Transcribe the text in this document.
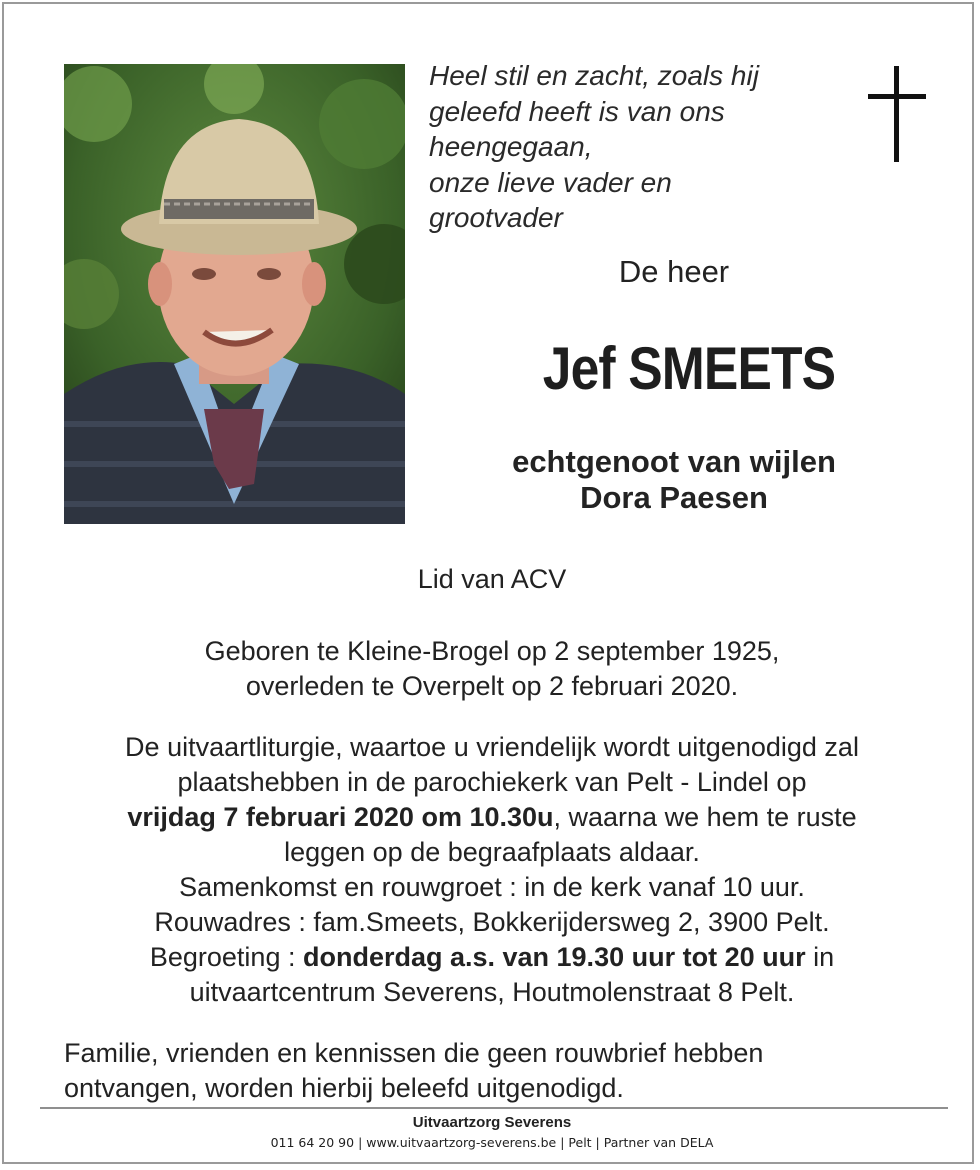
Heel stil en zacht, zoals hij
geleefd heeft is van ons
heengegaan,
onze lieve vader en
grootvader
De heer
Jef SMEETS
echtgenoot van wijlen
Dora Paesen
Lid van ACV
Geboren te Kleine-Brogel op 2 september 1925,
overleden te Overpelt op 2 februari 2020.
De uitvaartliturgie, waartoe u vriendelijk wordt uitgenodigd zal
plaatshebben in de parochiekerk van Pelt - Lindel op
vrijdag 7 februari 2020 om 10.30u, waarna we hem te ruste
leggen op de begraafplaats aldaar.
Samenkomst en rouwgroet : in de kerk vanaf 10 uur.
Rouwadres : fam.Smeets, Bokkerijdersweg 2, 3900 Pelt.
Begroeting : donderdag a.s. van 19.30 uur tot 20 uur in
uitvaartcentrum Severens, Houtmolenstraat 8 Pelt.
Familie, vrienden en kennissen die geen rouwbrief hebben
ontvangen, worden hierbij beleefd uitgenodigd.
Uitvaartzorg Severens
011 64 20 90 | www.uitvaartzorg-severens.be | Pelt | Partner van DELA
